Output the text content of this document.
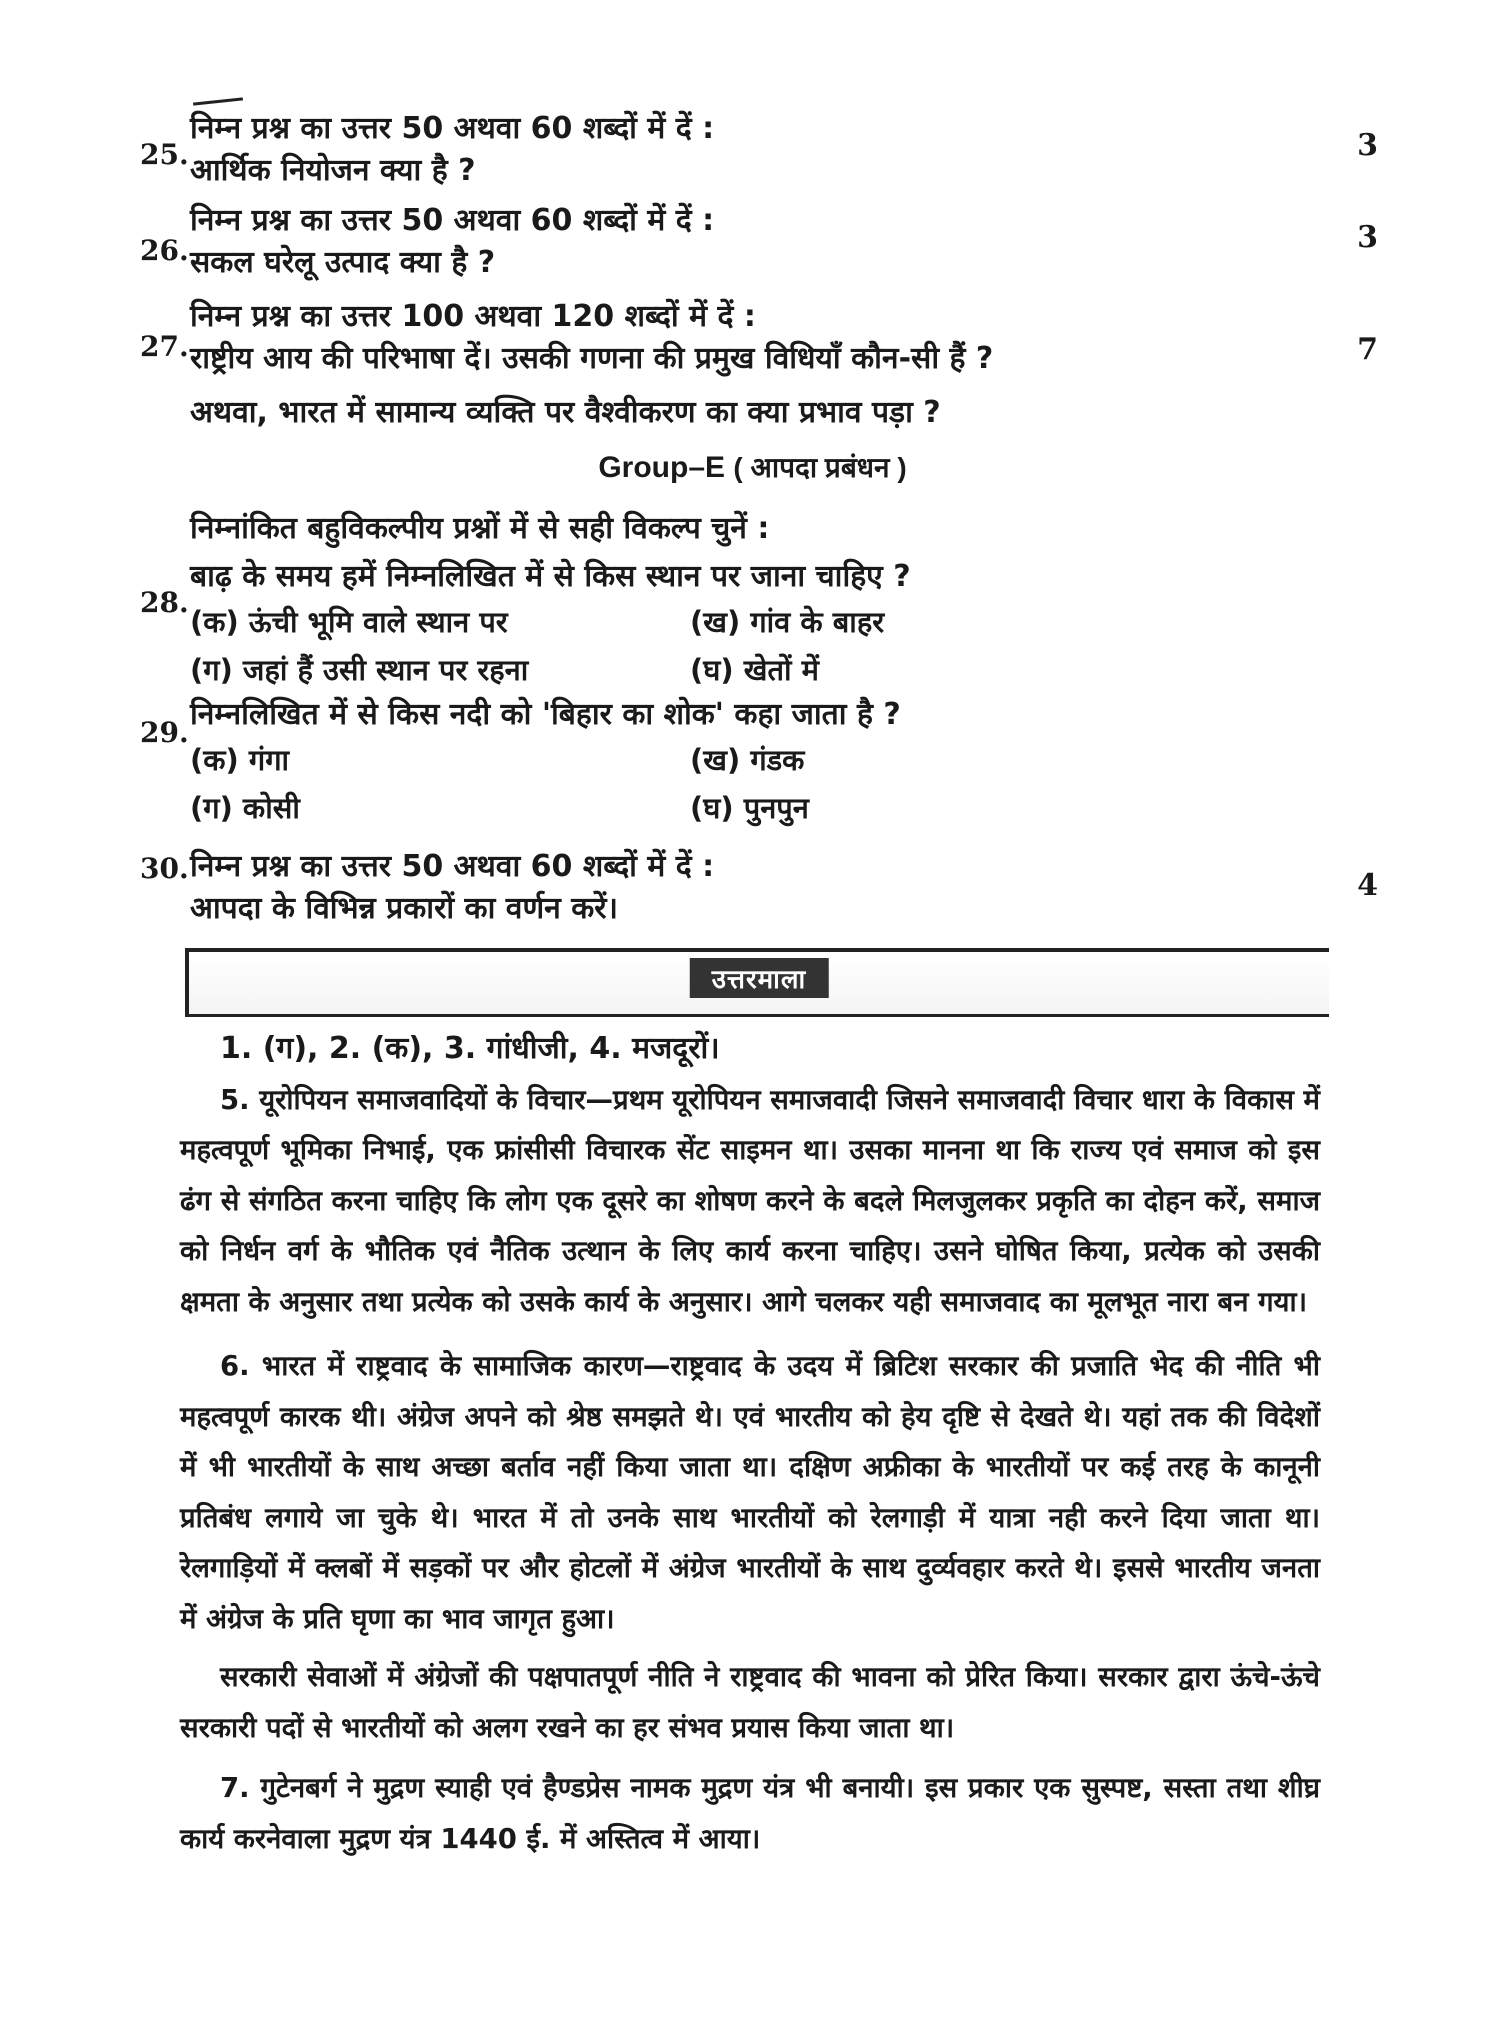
25.
निम्न प्रश्न का उत्तर 50 अथवा 60 शब्दों में दें :
आर्थिक नियोजन क्या है ?
3
26.
निम्न प्रश्न का उत्तर 50 अथवा 60 शब्दों में दें :
सकल घरेलू उत्पाद क्या है ?
3
27.
निम्न प्रश्न का उत्तर 100 अथवा 120 शब्दों में दें :
राष्ट्रीय आय की परिभाषा दें। उसकी गणना की प्रमुख विधियाँ कौन-सी हैं ?
अथवा, भारत में सामान्य व्यक्ति पर वैश्वीकरण का क्या प्रभाव पड़ा ?
7
Group–E ( आपदा प्रबंधन )
निम्नांकित बहुविकल्पीय प्रश्नों में से सही विकल्प चुनें :
28.
बाढ़ के समय हमें निम्नलिखित में से किस स्थान पर जाना चाहिए ?
(क) ऊंची भूमि वाले स्थान पर	(ख) गांव के बाहर
(ग) जहां हैं उसी स्थान पर रहना	(घ) खेतों में
29.
निम्नलिखित में से किस नदी को 'बिहार का शोक' कहा जाता है ?
(क) गंगा	(ख) गंडक
(ग) कोसी	(घ) पुनपुन
30. निम्न प्रश्न का उत्तर 50 अथवा 60 शब्दों में दें :
आपदा के विभिन्न प्रकारों का वर्णन करें।
4
उत्तरमाला

1. (ग), 2. (क), 3. गांधीजी, 4. मजदूरों।

5. यूरोपियन समाजवादियों के विचार—प्रथम यूरोपियन समाजवादी जिसने समाजवादी विचार धारा के विकास में महत्वपूर्ण भूमिका निभाई, एक फ्रांसीसी विचारक सेंट साइमन था। उसका मानना था कि राज्य एवं समाज को इस ढंग से संगठित करना चाहिए कि लोग एक दूसरे का शोषण करने के बदले मिलजुलकर प्रकृति का दोहन करें, समाज को निर्धन वर्ग के भौतिक एवं नैतिक उत्थान के लिए कार्य करना चाहिए। उसने घोषित किया, प्रत्येक को उसकी क्षमता के अनुसार तथा प्रत्येक को उसके कार्य के अनुसार। आगे चलकर यही समाजवाद का मूलभूत नारा बन गया।

6. भारत में राष्ट्रवाद के सामाजिक कारण—राष्ट्रवाद के उदय में ब्रिटिश सरकार की प्रजाति भेद की नीति भी महत्वपूर्ण कारक थी। अंग्रेज अपने को श्रेष्ठ समझते थे। एवं भारतीय को हेय दृष्टि से देखते थे। यहां तक की विदेशों में भी भारतीयों के साथ अच्छा बर्ताव नहीं किया जाता था। दक्षिण अफ्रीका के भारतीयों पर कई तरह के कानूनी प्रतिबंध लगाये जा चुके थे। भारत में तो उनके साथ भारतीयों को रेलगाड़ी में यात्रा नही करने दिया जाता था। रेलगाड़ियों में क्लबों में सड़कों पर और होटलों में अंग्रेज भारतीयों के साथ दुर्व्यवहार करते थे। इससे भारतीय जनता में अंग्रेज के प्रति घृणा का भाव जागृत हुआ।

सरकारी सेवाओं में अंग्रेजों की पक्षपातपूर्ण नीति ने राष्ट्रवाद की भावना को प्रेरित किया। सरकार द्वारा ऊंचे-ऊंचे सरकारी पदों से भारतीयों को अलग रखने का हर संभव प्रयास किया जाता था।

7. गुटेनबर्ग ने मुद्रण स्याही एवं हैण्डप्रेस नामक मुद्रण यंत्र भी बनायी। इस प्रकार एक सुस्पष्ट, सस्ता तथा शीघ्र कार्य करनेवाला मुद्रण यंत्र 1440 ई. में अस्तित्व में आया।
